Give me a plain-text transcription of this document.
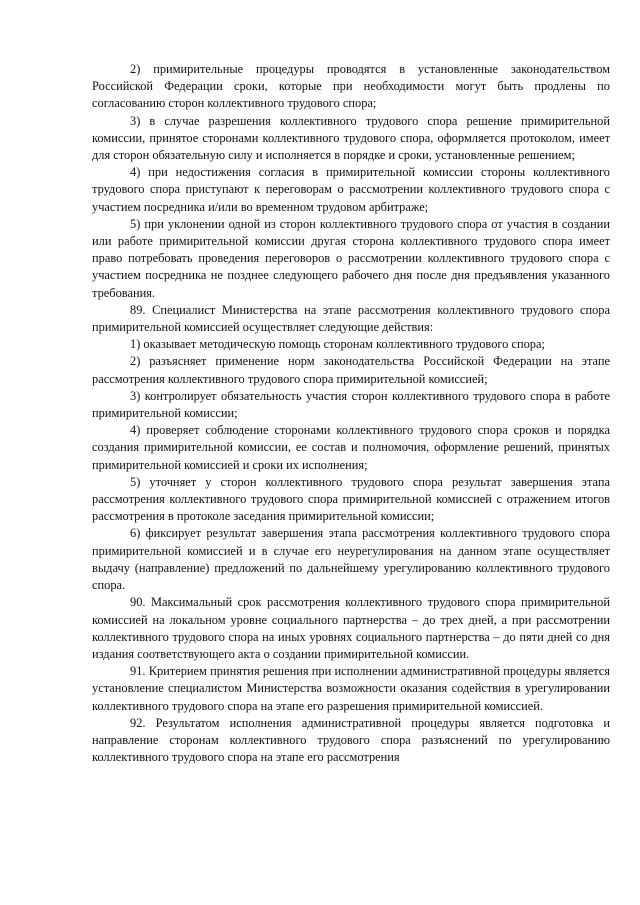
2) примирительные процедуры проводятся в установленные законодательством Российской Федерации сроки, которые при необходимости могут быть продлены по согласованию сторон коллективного трудового спора;

3) в случае разрешения коллективного трудового спора решение примирительной комиссии, принятое сторонами коллективного трудового спора, оформляется протоколом, имеет для сторон обязательную силу и исполняется в порядке и сроки, установленные решением;

4) при недостижения согласия в примирительной комиссии стороны коллективного трудового спора приступают к переговорам о рассмотрении коллективного трудового спора с участием посредника и/или во временном трудовом арбитраже;

5) при уклонении одной из сторон коллективного трудового спора от участия в создании или работе примирительной комиссии другая сторона коллективного трудового спора имеет право потребовать проведения переговоров о рассмотрении коллективного трудового спора с участием посредника не позднее следующего рабочего дня после дня предъявления указанного требования.

89. Специалист Министерства на этапе рассмотрения коллективного трудового спора примирительной комиссией осуществляет следующие действия:

1) оказывает методическую помощь сторонам коллективного трудового спора;

2) разъясняет применение норм законодательства Российской Федерации на этапе рассмотрения коллективного трудового спора примирительной комиссией;

3) контролирует обязательность участия сторон коллективного трудового спора в работе примирительной комиссии;

4) проверяет соблюдение сторонами коллективного трудового спора сроков и порядка создания примирительной комиссии, ее состав и полномочия, оформление решений, принятых примирительной комиссией и сроки их исполнения;

5) уточняет у сторон коллективного трудового спора результат завершения этапа рассмотрения коллективного трудового спора примирительной комиссией с отражением итогов рассмотрения в протоколе заседания примирительной комиссии;

6) фиксирует результат завершения этапа рассмотрения коллективного трудового спора примирительной комиссией и в случае его неурегулирования на данном этапе осуществляет выдачу (направление) предложений по дальнейшему урегулированию коллективного трудового спора.

90. Максимальный срок рассмотрения коллективного трудового спора примирительной комиссией на локальном уровне социального партнерства – до трех дней, а при рассмотрении коллективного трудового спора на иных уровнях социального партнерства – до пяти дней со дня издания соответствующего акта о создании примирительной комиссии.

91. Критерием принятия решения при исполнении административной процедуры является установление специалистом Министерства возможности оказания содействия в урегулировании коллективного трудового спора на этапе его разрешения примирительной комиссией.

92. Результатом исполнения административной процедуры является подготовка и направление сторонам коллективного трудового спора разъяснений по урегулированию коллективного трудового спора на этапе его рассмотрения
